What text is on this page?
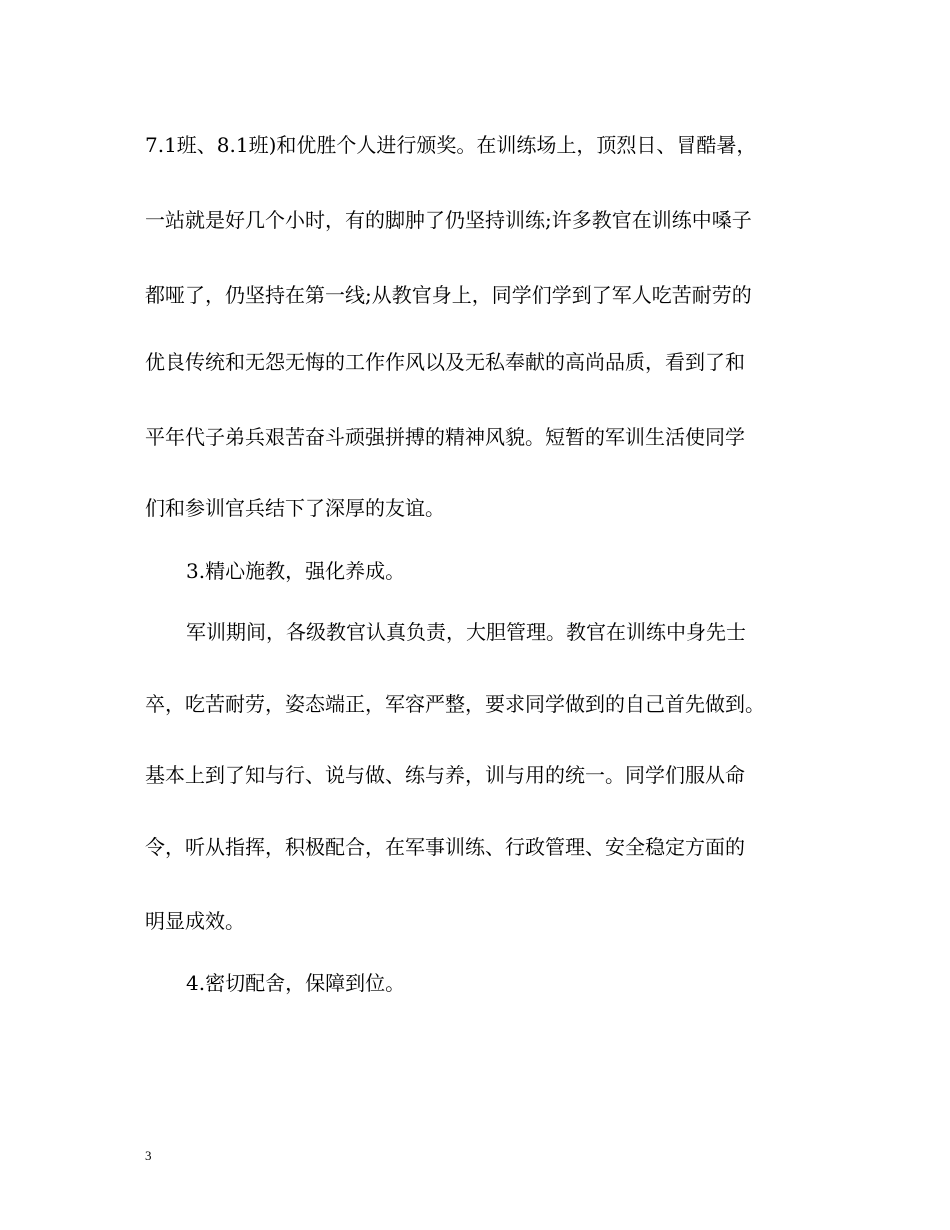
7.1班、8.1班)和优胜个人进行颁奖。在训练场上，顶烈日、冒酷暑，
一站就是好几个小时，有的脚肿了仍坚持训练;许多教官在训练中嗓子
都哑了，仍坚持在第一线;从教官身上，同学们学到了军人吃苦耐劳的
优良传统和无怨无悔的工作作风以及无私奉献的高尚品质，看到了和
平年代子弟兵艰苦奋斗顽强拼搏的精神风貌。短暂的军训生活使同学
们和参训官兵结下了深厚的友谊。
3.精心施教，强化养成。
军训期间，各级教官认真负责，大胆管理。教官在训练中身先士
卒，吃苦耐劳，姿态端正，军容严整，要求同学做到的自己首先做到。
基本上到了知与行、说与做、练与养，训与用的统一。同学们服从命
令，听从指挥，积极配合，在军事训练、行政管理、安全稳定方面的
明显成效。
4.密切配舍，保障到位。
3
